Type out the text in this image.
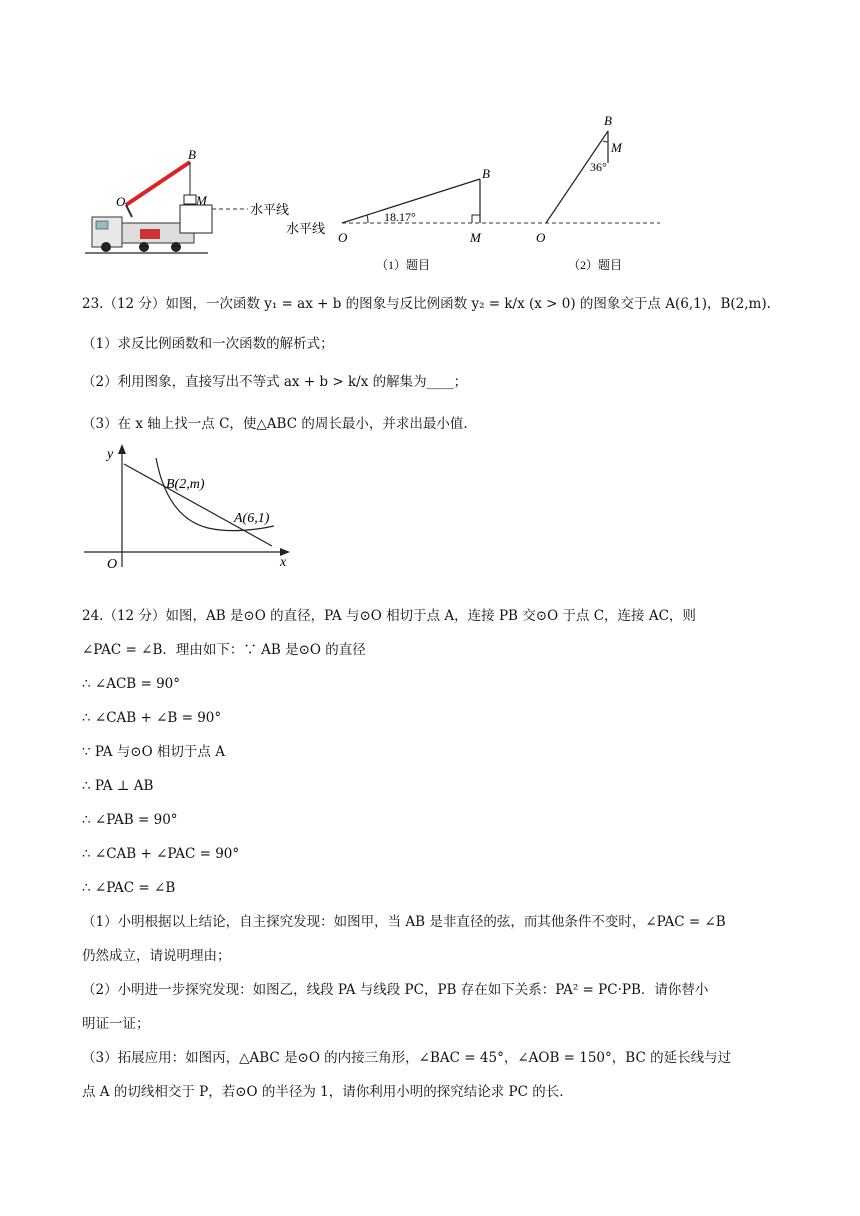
B
O	M
水平线
水平线
O
B
M
18.17°
（1）题目
B
M
36°
O
（2）题目
23.（12 分）如图，一次函数 y₁ = ax + b 的图象与反比例函数 y₂ = k/x (x > 0) 的图象交于点 A(6,1)，B(2,m).
（1）求反比例函数和一次函数的解析式；
（2）利用图象，直接写出不等式 ax + b > k/x 的解集为____；
（3）在 x 轴上找一点 C，使△ABC 的周长最小，并求出最小值.
y
x
O
B(2,m)
A(6,1)
24.（12 分）如图，AB 是⊙O 的直径，PA 与⊙O 相切于点 A，连接 PB 交⊙O 于点 C，连接 AC，则
∠PAC = ∠B．理由如下：∵ AB 是⊙O 的直径
∴ ∠ACB = 90°
∴ ∠CAB + ∠B = 90°
∵ PA 与⊙O 相切于点 A
∴ PA ⊥ AB
∴ ∠PAB = 90°
∴ ∠CAB + ∠PAC = 90°
∴ ∠PAC = ∠B
（1）小明根据以上结论，自主探究发现：如图甲，当 AB 是非直径的弦，而其他条件不变时，∠PAC = ∠B
仍然成立，请说明理由；
（2）小明进一步探究发现：如图乙，线段 PA 与线段 PC，PB 存在如下关系：PA² = PC·PB．请你替小
明证一证；
（3）拓展应用：如图丙，△ABC 是⊙O 的内接三角形，∠BAC = 45°，∠AOB = 150°，BC 的延长线与过
点 A 的切线相交于 P，若⊙O 的半径为 1，请你利用小明的探究结论求 PC 的长.
